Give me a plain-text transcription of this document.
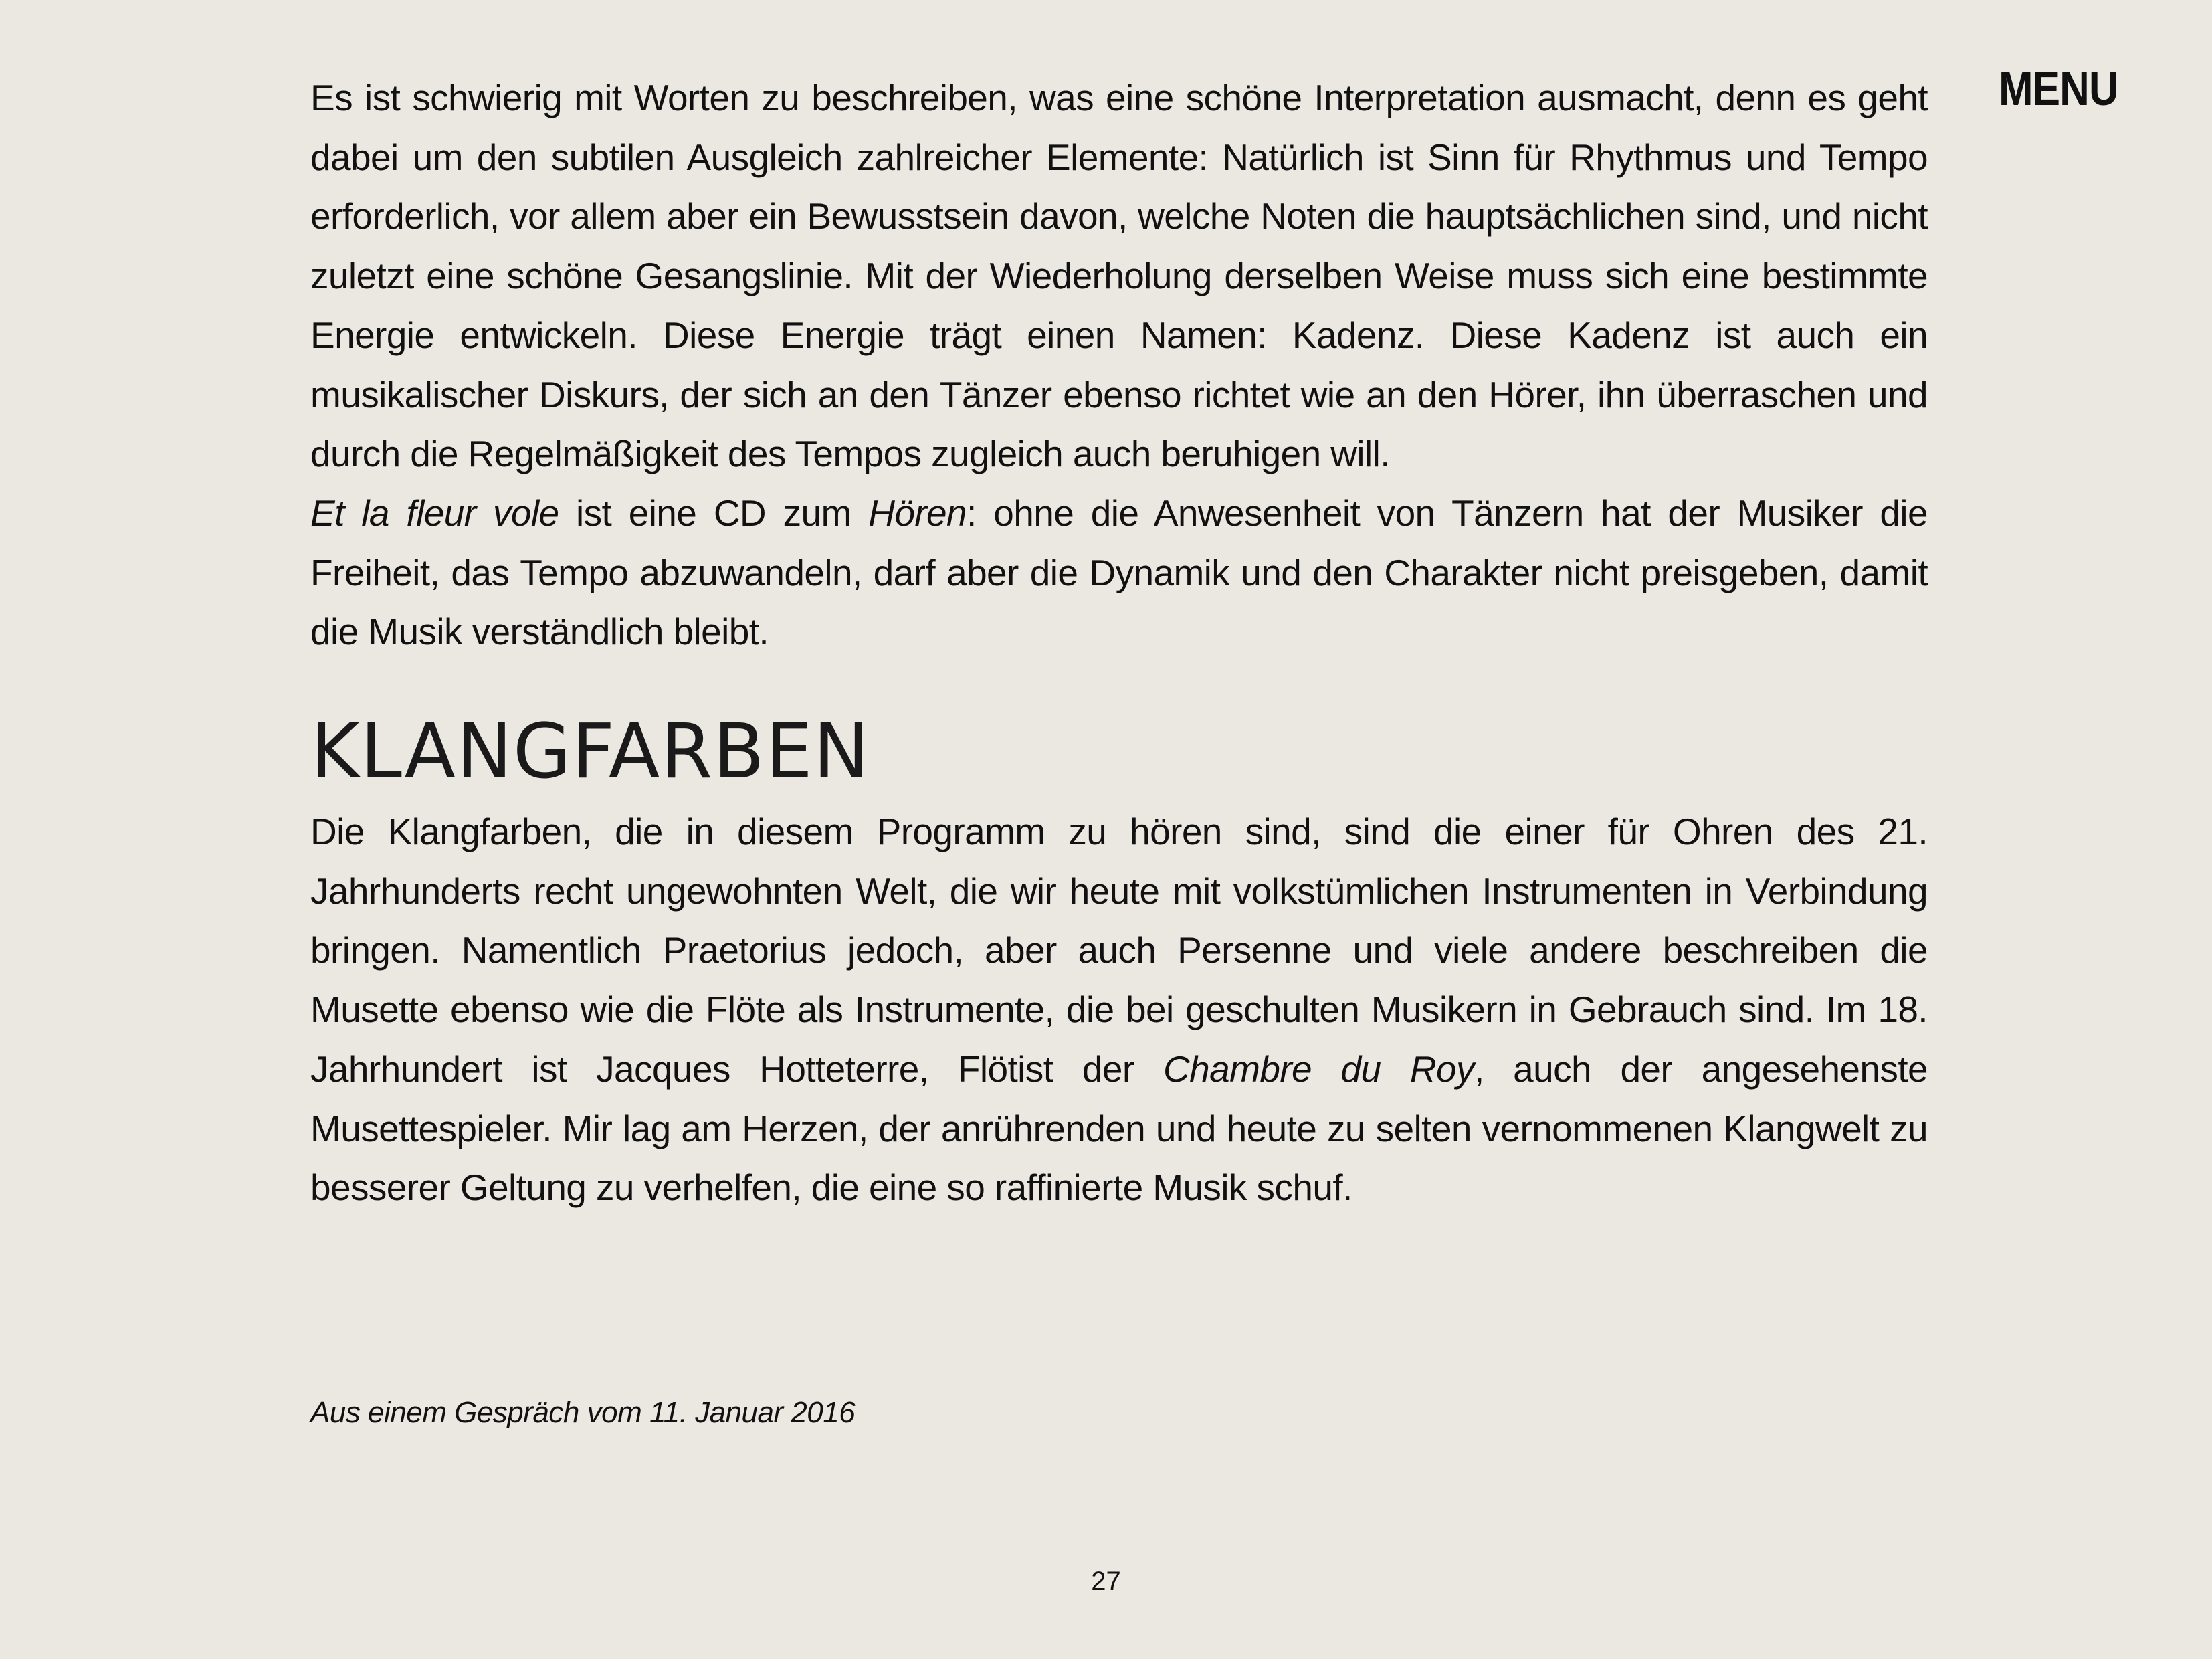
MENU

Es ist schwierig mit Worten zu beschreiben, was eine schöne Interpretation ausmacht, denn es geht dabei um den subtilen Ausgleich zahlreicher Elemente: Natürlich ist Sinn für Rhythmus und Tempo erforderlich, vor allem aber ein Bewusstsein davon, welche Noten die hauptsächlichen sind, und nicht zuletzt eine schöne Gesangslinie. Mit der Wiederholung derselben Weise muss sich eine bestimmte Energie entwickeln. Diese Energie trägt einen Namen: Kadenz. Diese Kadenz ist auch ein musikalischer Diskurs, der sich an den Tänzer ebenso richtet wie an den Hörer, ihn überraschen und durch die Regelmäßigkeit des Tempos zugleich auch beruhigen will.

Et la fleur vole ist eine CD zum Hören: ohne die Anwesenheit von Tänzern hat der Musiker die Freiheit, das Tempo abzuwandeln, darf aber die Dynamik und den Charakter nicht preisgeben, damit die Musik verständlich bleibt.

KLANGFARBEN

Die Klangfarben, die in diesem Programm zu hören sind, sind die einer für Ohren des 21. Jahrhunderts recht ungewohnten Welt, die wir heute mit volkstümlichen Instrumenten in Verbindung bringen. Namentlich Praetorius jedoch, aber auch Persenne und viele andere beschreiben die Musette ebenso wie die Flöte als Instrumente, die bei geschulten Musikern in Gebrauch sind. Im 18. Jahrhundert ist Jacques Hotteterre, Flötist der Chambre du Roy, auch der angesehenste Musettespieler. Mir lag am Herzen, der anrührenden und heute zu selten vernommenen Klangwelt zu besserer Geltung zu verhelfen, die eine so raffinierte Musik schuf.

Aus einem Gespräch vom 11. Januar 2016
27
